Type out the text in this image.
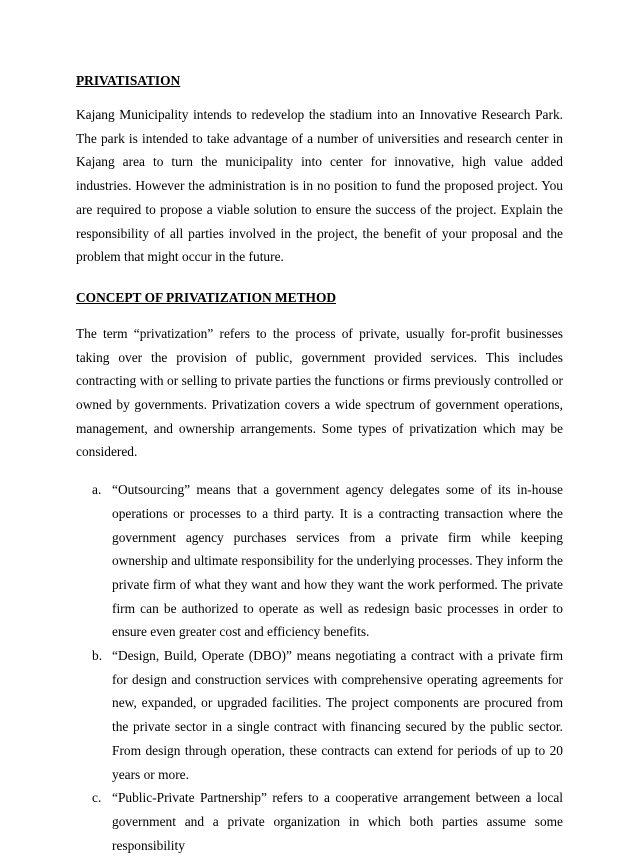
PRIVATISATION

Kajang Municipality intends to redevelop the stadium into an Innovative Research Park. The park is intended to take advantage of a number of universities and research center in Kajang area to turn the municipality into center for innovative, high value added industries. However the administration is in no position to fund the proposed project. You are required to propose a viable solution to ensure the success of the project. Explain the responsibility of all parties involved in the project, the benefit of your proposal and the problem that might occur in the future.

CONCEPT OF PRIVATIZATION METHOD

The term “privatization” refers to the process of private, usually for-profit businesses taking over the provision of public, government provided services. This includes contracting with or selling to private parties the functions or firms previously controlled or owned by governments. Privatization covers a wide spectrum of government operations, management, and ownership arrangements. Some types of privatization which may be considered.

a. “Outsourcing” means that a government agency delegates some of its in-house operations or processes to a third party. It is a contracting transaction where the government agency purchases services from a private firm while keeping ownership and ultimate responsibility for the underlying processes. They inform the private firm of what they want and how they want the work performed. The private firm can be authorized to operate as well as redesign basic processes in order to ensure even greater cost and efficiency benefits.
b. “Design, Build, Operate (DBO)” means negotiating a contract with a private firm for design and construction services with comprehensive operating agreements for new, expanded, or upgraded facilities. The project components are procured from the private sector in a single contract with financing secured by the public sector. From design through operation, these contracts can extend for periods of up to 20 years or more.
c. “Public-Private Partnership” refers to a cooperative arrangement between a local government and a private organization in which both parties assume some responsibility
